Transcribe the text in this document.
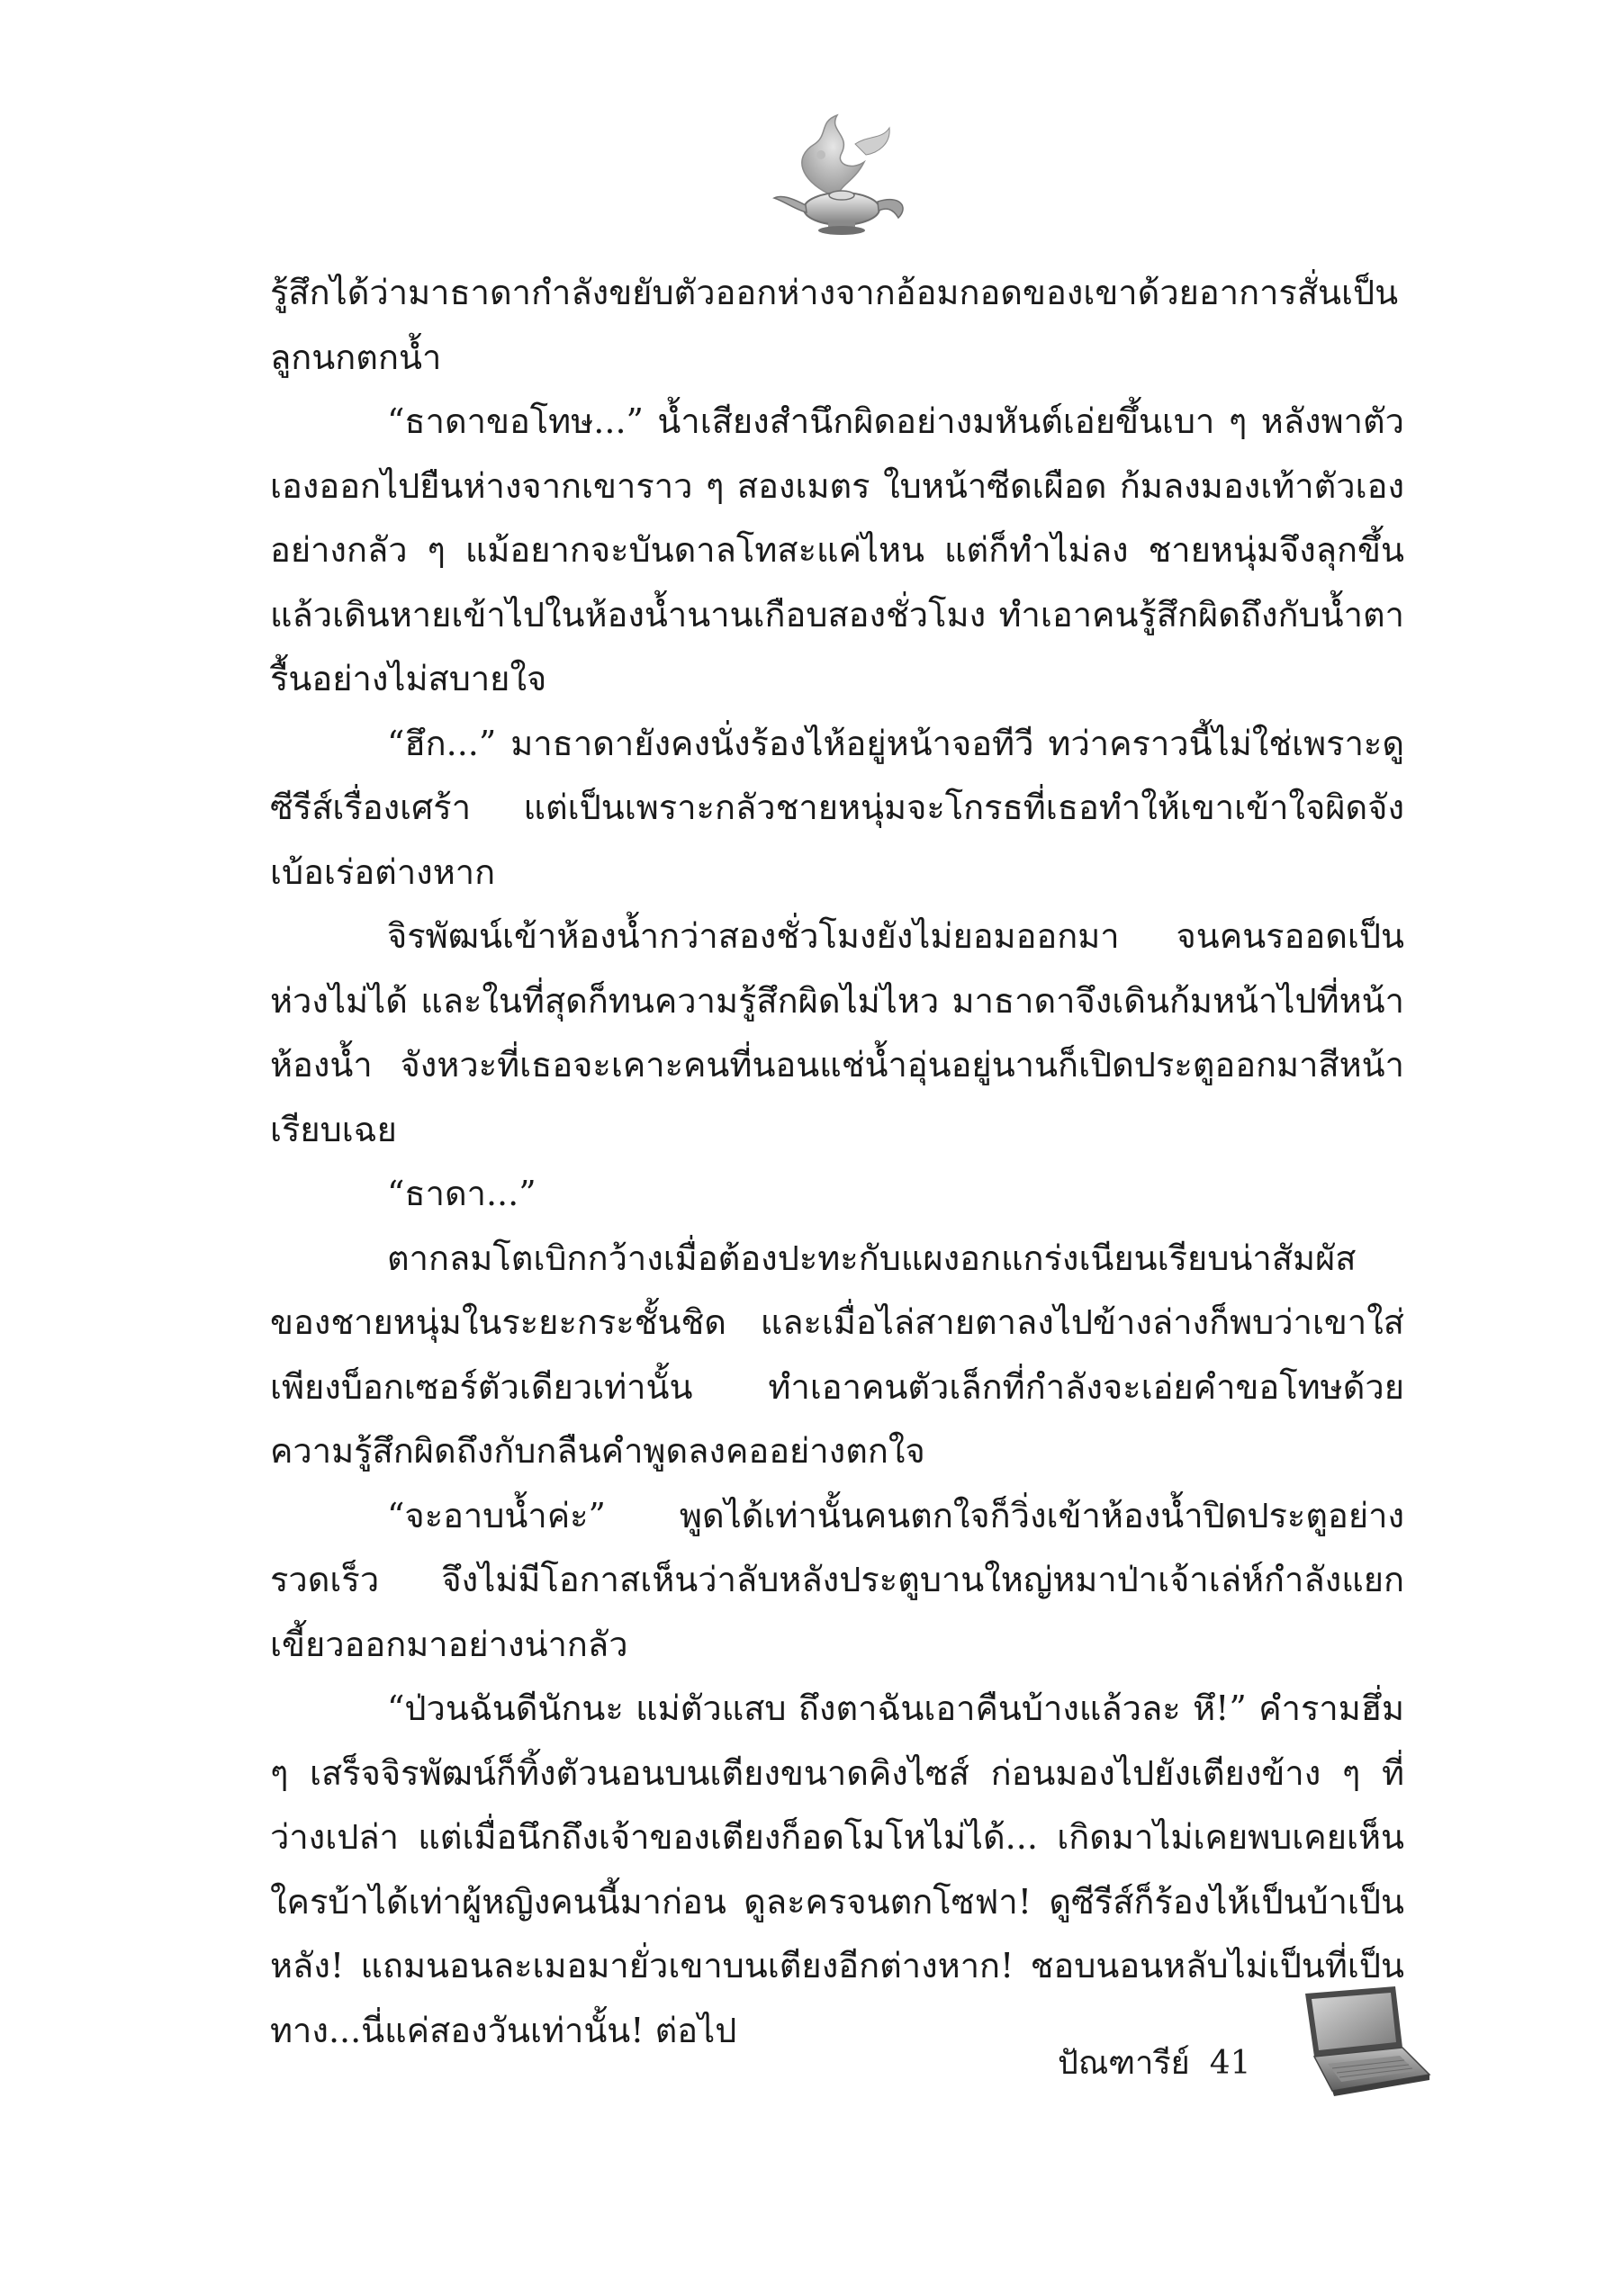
รู้สึกได้ว่ามาธาดากำลังขยับตัวออกห่างจากอ้อมกอดของเขาด้วยอาการสั่นเป็นลูกนกตกน้ำ

“ธาดาขอโทษ...” น้ำเสียงสำนึกผิดอย่างมหันต์เอ่ยขึ้นเบา ๆ หลังพาตัวเองออกไปยืนห่างจากเขาราว ๆ สองเมตร ใบหน้าซีดเผือด ก้มลงมองเท้าตัวเองอย่างกลัว ๆ แม้อยากจะบันดาลโทสะแค่ไหน แต่ก็ทำไม่ลง ชายหนุ่มจึงลุกขึ้นแล้วเดินหายเข้าไปในห้องน้ำนานเกือบสองชั่วโมง ทำเอาคนรู้สึกผิดถึงกับน้ำตารื้นอย่างไม่สบายใจ

“ฮึก...” มาธาดายังคงนั่งร้องไห้อยู่หน้าจอทีวี ทว่าคราวนี้ไม่ใช่เพราะดูซีรีส์เรื่องเศร้า แต่เป็นเพราะกลัวชายหนุ่มจะโกรธที่เธอทำให้เขาเข้าใจผิดจังเบ้อเร่อต่างหาก

จิรพัฒน์เข้าห้องน้ำกว่าสองชั่วโมงยังไม่ยอมออกมา จนคนรออดเป็นห่วงไม่ได้ และในที่สุดก็ทนความรู้สึกผิดไม่ไหว มาธาดาจึงเดินก้มหน้าไปที่หน้าห้องน้ำ จังหวะที่เธอจะเคาะคนที่นอนแช่น้ำอุ่นอยู่นานก็เปิดประตูออกมาสีหน้าเรียบเฉย

“ธาดา...”

ตากลมโตเบิกกว้างเมื่อต้องปะทะกับแผงอกแกร่งเนียนเรียบน่าสัมผัสของชายหนุ่มในระยะกระชั้นชิด และเมื่อไล่สายตาลงไปข้างล่างก็พบว่าเขาใส่เพียงบ็อกเซอร์ตัวเดียวเท่านั้น ทำเอาคนตัวเล็กที่กำลังจะเอ่ยคำขอโทษด้วยความรู้สึกผิดถึงกับกลืนคำพูดลงคออย่างตกใจ

“จะอาบน้ำค่ะ” พูดได้เท่านั้นคนตกใจก็วิ่งเข้าห้องน้ำปิดประตูอย่างรวดเร็ว จึงไม่มีโอกาสเห็นว่าลับหลังประตูบานใหญ่หมาป่าเจ้าเล่ห์กำลังแยกเขี้ยวออกมาอย่างน่ากลัว

“ป่วนฉันดีนักนะ แม่ตัวแสบ ถึงตาฉันเอาคืนบ้างแล้วละ หึ!” คำรามฮึ่ม ๆ เสร็จจิรพัฒน์ก็ทิ้งตัวนอนบนเตียงขนาดคิงไซส์ ก่อนมองไปยังเตียงข้าง ๆ ที่ว่างเปล่า แต่เมื่อนึกถึงเจ้าของเตียงก็อดโมโหไม่ได้... เกิดมาไม่เคยพบเคยเห็นใครบ้าได้เท่าผู้หญิงคนนี้มาก่อน ดูละครจนตกโซฟา! ดูซีรีส์ก็ร้องไห้เป็นบ้าเป็นหลัง! แถมนอนละเมอมายั่วเขาบนเตียงอีกต่างหาก! ชอบนอนหลับไม่เป็นที่เป็นทาง...นี่แค่สองวันเท่านั้น! ต่อไป

ปัณฑารีย์ 41
